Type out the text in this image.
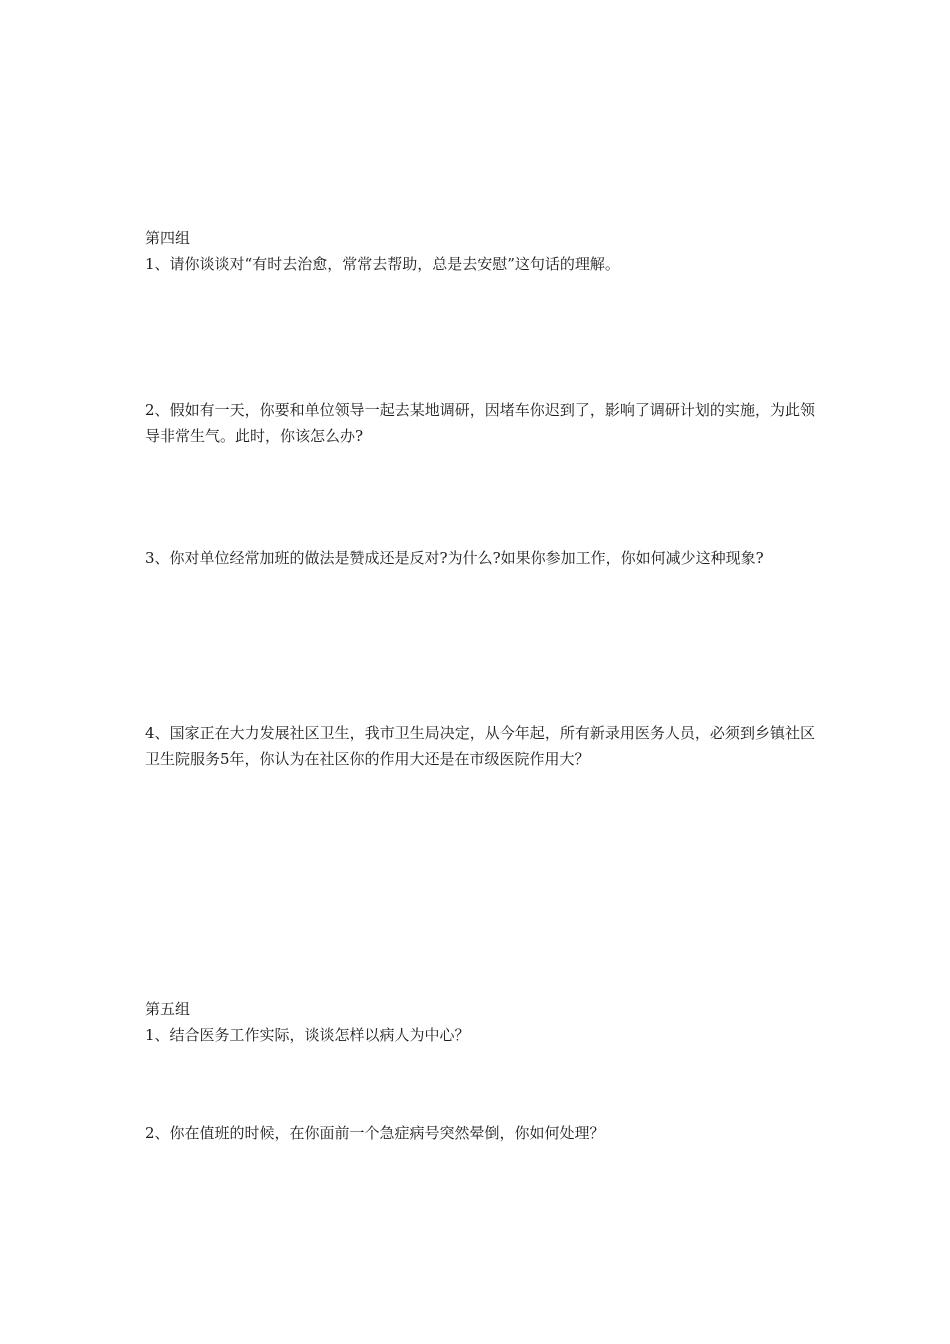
第四组

1、请你谈谈对“有时去治愈，常常去帮助，总是去安慰”这句话的理解。

2、假如有一天，你要和单位领导一起去某地调研，因堵车你迟到了，影响了调研计划的实施，为此领导非常生气。此时，你该怎么办?

3、你对单位经常加班的做法是赞成还是反对?为什么?如果你参加工作，你如何减少这种现象?

4、国家正在大力发展社区卫生，我市卫生局决定，从今年起，所有新录用医务人员，必须到乡镇社区卫生院服务5年，你认为在社区你的作用大还是在市级医院作用大？

第五组

1、结合医务工作实际，谈谈怎样以病人为中心？

2、你在值班的时候，在你面前一个急症病号突然晕倒，你如何处理？
